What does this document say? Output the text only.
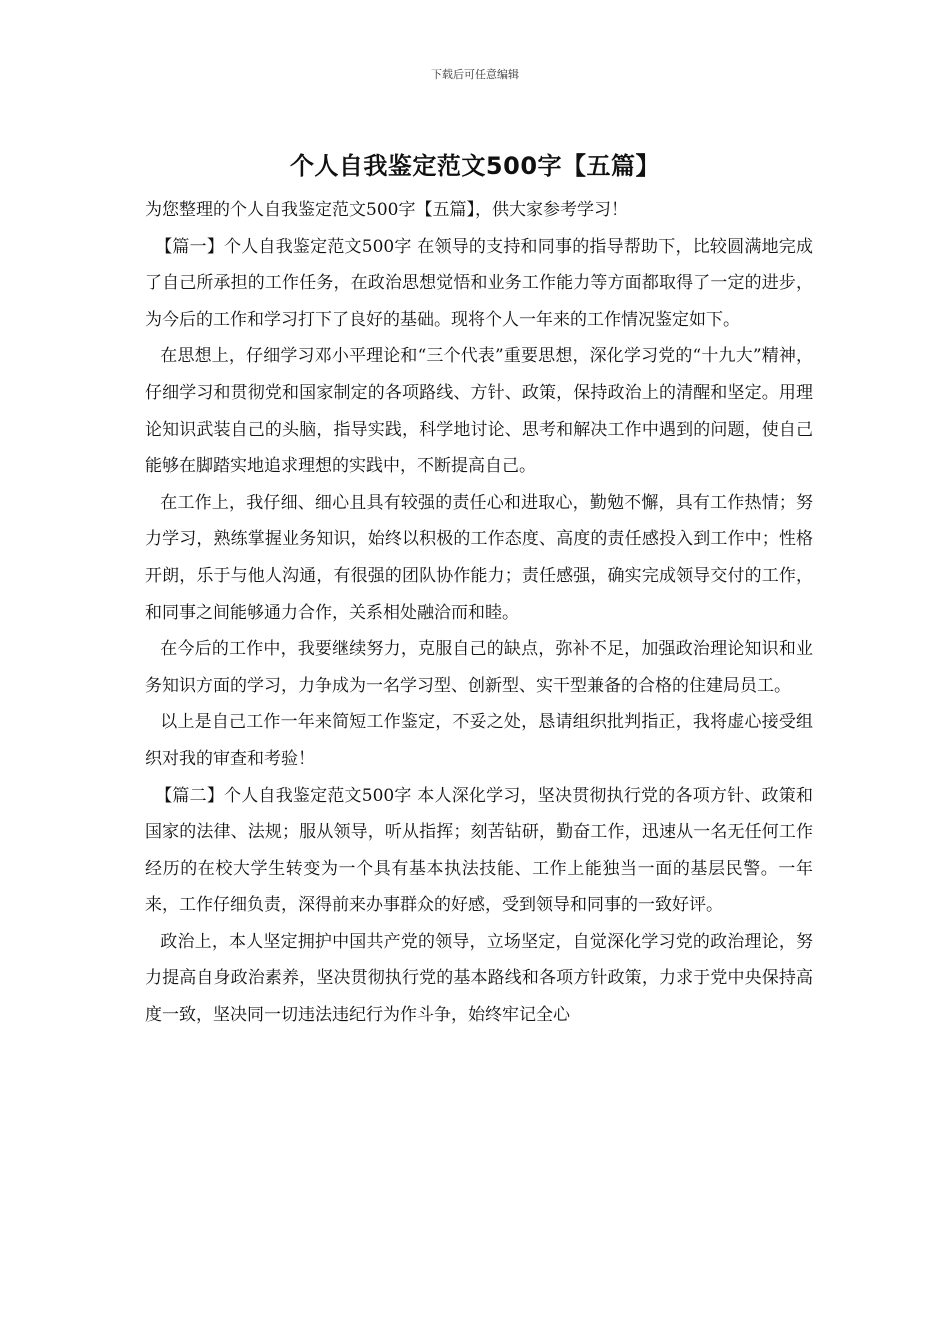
下载后可任意编辑
个人自我鉴定范文500字【五篇】

为您整理的个人自我鉴定范文500字【五篇】，供大家参考学习！

【篇一】个人自我鉴定范文500字 在领导的支持和同事的指导帮助下，比较圆满地完成了自己所承担的工作任务，在政治思想觉悟和业务工作能力等方面都取得了一定的进步，为今后的工作和学习打下了良好的基础。现将个人一年来的工作情况鉴定如下。

在思想上，仔细学习邓小平理论和“三个代表”重要思想，深化学习党的“十九大”精神，仔细学习和贯彻党和国家制定的各项路线、方针、政策，保持政治上的清醒和坚定。用理论知识武装自己的头脑，指导实践，科学地讨论、思考和解决工作中遇到的问题，使自己能够在脚踏实地追求理想的实践中，不断提高自己。

在工作上，我仔细、细心且具有较强的责任心和进取心，勤勉不懈，具有工作热情；努力学习，熟练掌握业务知识，始终以积极的工作态度、高度的责任感投入到工作中；性格开朗，乐于与他人沟通，有很强的团队协作能力；责任感强，确实完成领导交付的工作，和同事之间能够通力合作，关系相处融洽而和睦。

在今后的工作中，我要继续努力，克服自己的缺点，弥补不足，加强政治理论知识和业务知识方面的学习，力争成为一名学习型、创新型、实干型兼备的合格的住建局员工。

以上是自己工作一年来简短工作鉴定，不妥之处，恳请组织批判指正，我将虚心接受组织对我的审查和考验！

【篇二】个人自我鉴定范文500字 本人深化学习，坚决贯彻执行党的各项方针、政策和国家的法律、法规；服从领导，听从指挥；刻苦钻研，勤奋工作，迅速从一名无任何工作经历的在校大学生转变为一个具有基本执法技能、工作上能独当一面的基层民警。一年来，工作仔细负责，深得前来办事群众的好感，受到领导和同事的一致好评。

政治上，本人坚定拥护中国共产党的领导，立场坚定，自觉深化学习党的政治理论，努力提高自身政治素养，坚决贯彻执行党的基本路线和各项方针政策，力求于党中央保持高度一致，坚决同一切违法违纪行为作斗争，始终牢记全心
